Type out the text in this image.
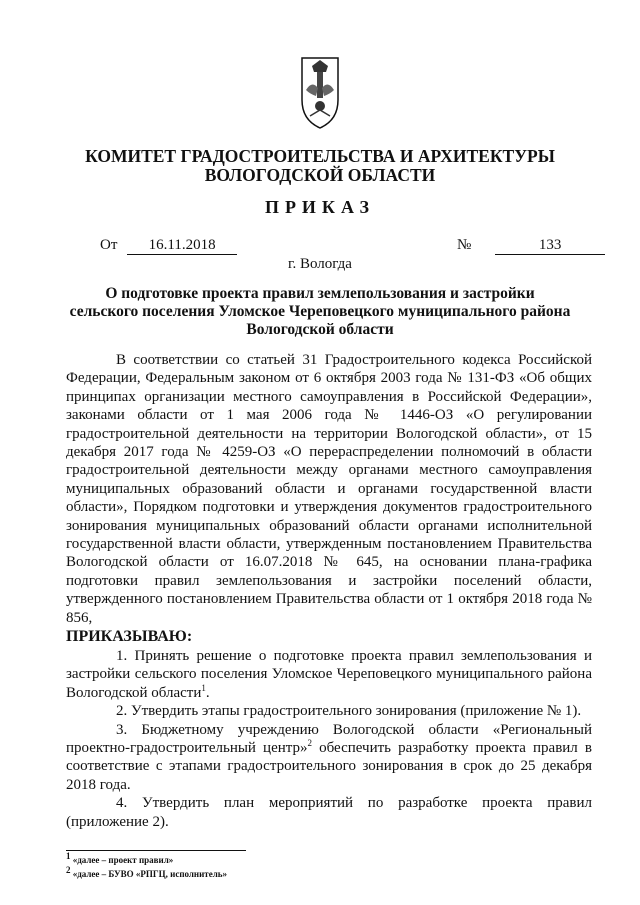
КОМИТЕТ ГРАДОСТРОИТЕЛЬСТВА И АРХИТЕКТУРЫ
ВОЛОГОДСКОЙ ОБЛАСТИ
ПРИКАЗ
От 16.11.2018	№	133
г. Вологда
О подготовке проекта правил землепользования и застройки
сельского поселения Уломское Череповецкого муниципального района
Вологодской области

В соответствии со статьей 31 Градостроительного кодекса Российской Федерации, Федеральным законом от 6 октября 2003 года № 131-ФЗ «Об общих принципах организации местного самоуправления в Российской Федерации», законами области от 1 мая 2006 года № 1446-ОЗ «О регулировании градостроительной деятельности на территории Вологодской области», от 15 декабря 2017 года № 4259-ОЗ «О перераспределении полномочий в области градостроительной деятельности между органами местного самоуправления муниципальных образований области и органами государственной власти области», Порядком подготовки и утверждения документов градостроительного зонирования муниципальных образований области органами исполнительной государственной власти области, утвержденным постановлением Правительства Вологодской области от 16.07.2018 № 645, на основании плана-графика подготовки правил землепользования и застройки поселений области, утвержденного постановлением Правительства области от 1 октября 2018 года № 856,

ПРИКАЗЫВАЮ:

1. Принять решение о подготовке проекта правил землепользования и застройки сельского поселения Уломское Череповецкого муниципального района Вологодской области$^1$.

2. Утвердить этапы градостроительного зонирования (приложение № 1).

3. Бюджетному учреждению Вологодской области «Региональный проектно-градостроительный центр»$^2$ обеспечить разработку проекта правил в соответствие с этапами градостроительного зонирования в срок до 25 декабря 2018 года.

4. Утвердить план мероприятий по разработке проекта правил (приложение 2).

$^1$ «далее – проект правил»
$^2$ «далее – БУВО «РПГЦ, исполнитель»
